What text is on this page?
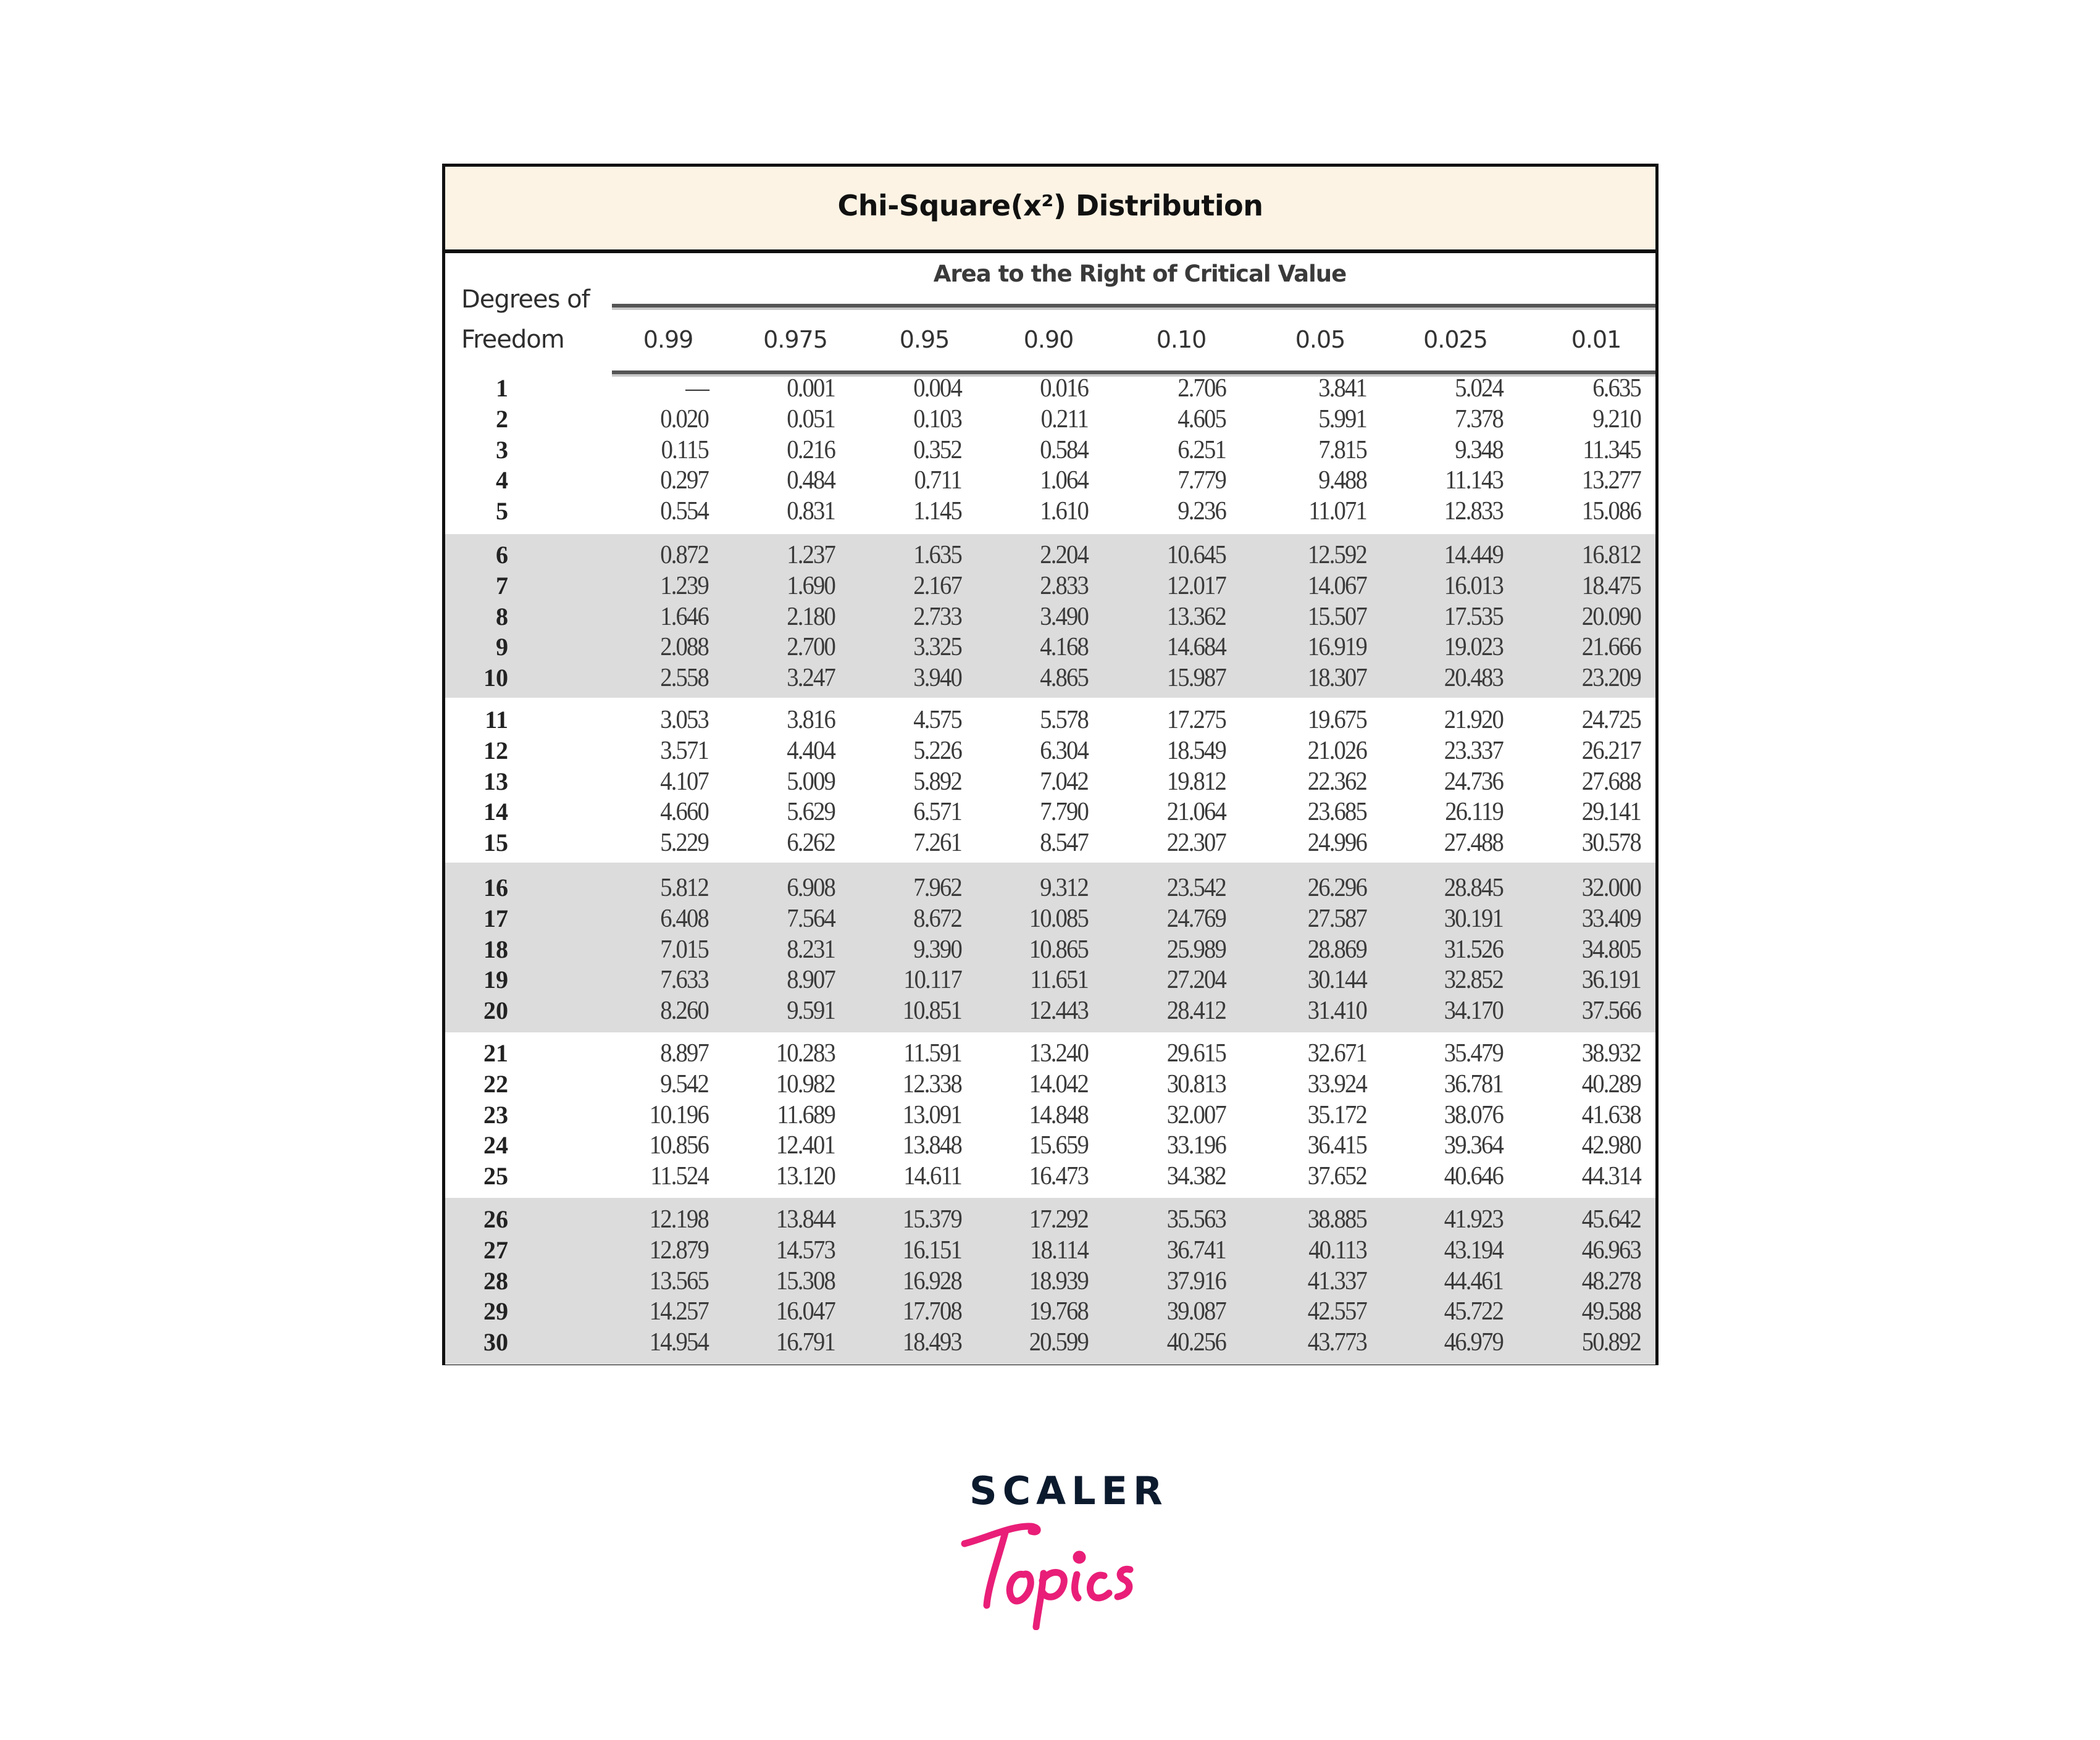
Chi-Square(x²) Distribution
Area to the Right of Critical Value
Degrees of
Freedom	0.99	0.975	0.95	0.90	0.10	0.05	0.025	0.01
1	—	0.001	0.004	0.016	2.706	3.841	5.024	6.635
2	0.020	0.051	0.103	0.211	4.605	5.991	7.378	9.210
3	0.115	0.216	0.352	0.584	6.251	7.815	9.348	11.345
4	0.297	0.484	0.711	1.064	7.779	9.488	11.143	13.277
5	0.554	0.831	1.145	1.610	9.236	11.071	12.833	15.086
6	0.872	1.237	1.635	2.204	10.645	12.592	14.449	16.812
7	1.239	1.690	2.167	2.833	12.017	14.067	16.013	18.475
8	1.646	2.180	2.733	3.490	13.362	15.507	17.535	20.090
9	2.088	2.700	3.325	4.168	14.684	16.919	19.023	21.666
10	2.558	3.247	3.940	4.865	15.987	18.307	20.483	23.209
11	3.053	3.816	4.575	5.578	17.275	19.675	21.920	24.725
12	3.571	4.404	5.226	6.304	18.549	21.026	23.337	26.217
13	4.107	5.009	5.892	7.042	19.812	22.362	24.736	27.688
14	4.660	5.629	6.571	7.790	21.064	23.685	26.119	29.141
15	5.229	6.262	7.261	8.547	22.307	24.996	27.488	30.578
16	5.812	6.908	7.962	9.312	23.542	26.296	28.845	32.000
17	6.408	7.564	8.672	10.085	24.769	27.587	30.191	33.409
18	7.015	8.231	9.390	10.865	25.989	28.869	31.526	34.805
19	7.633	8.907	10.117	11.651	27.204	30.144	32.852	36.191
20	8.260	9.591	10.851	12.443	28.412	31.410	34.170	37.566
21	8.897	10.283	11.591	13.240	29.615	32.671	35.479	38.932
22	9.542	10.982	12.338	14.042	30.813	33.924	36.781	40.289
23	10.196	11.689	13.091	14.848	32.007	35.172	38.076	41.638
24	10.856	12.401	13.848	15.659	33.196	36.415	39.364	42.980
25	11.524	13.120	14.611	16.473	34.382	37.652	40.646	44.314
26	12.198	13.844	15.379	17.292	35.563	38.885	41.923	45.642
27	12.879	14.573	16.151	18.114	36.741	40.113	43.194	46.963
28	13.565	15.308	16.928	18.939	37.916	41.337	44.461	48.278
29	14.257	16.047	17.708	19.768	39.087	42.557	45.722	49.588
30	14.954	16.791	18.493	20.599	40.256	43.773	46.979	50.892
SCALER
